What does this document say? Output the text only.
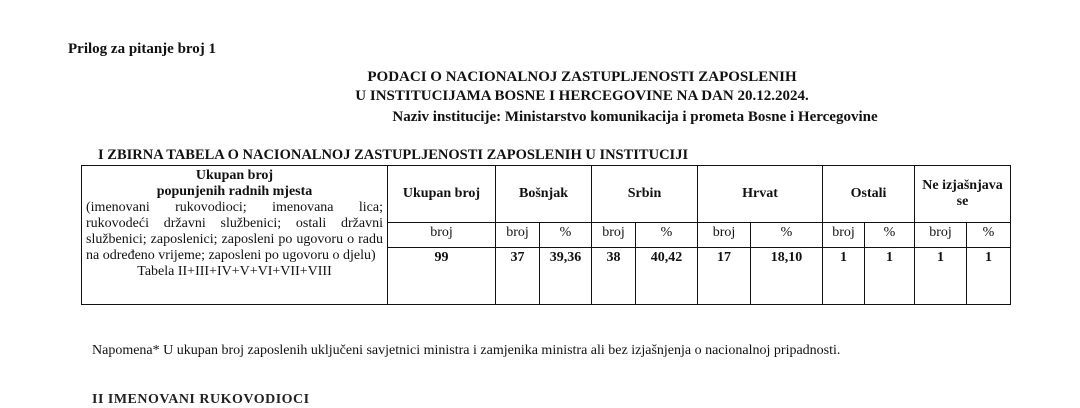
Prilog za pitanje broj 1
PODACI O NACIONALNOJ ZASTUPLJENOSTI ZAPOSLENIH
U INSTITUCIJAMA BOSNE I HERCEGOVINE NA DAN 20.12.2024.
Naziv institucije: Ministarstvo komunikacija i prometa Bosne i Hercegovine
I ZBIRNA TABELA O NACIONALNOJ ZASTUPLJENOSTI ZAPOSLENIH U INSTITUCIJI
Ukupan broj
popunjenih radnih mjesta
(imenovani rukovodioci; imenovana lica; rukovodeći državni službenici; ostali državni službenici; zaposlenici; zaposleni po ugovoru o radu na određeno vrijeme; zaposleni po ugovoru o djelu)
Tabela II+III+IV+V+VI+VII+VIII	Ukupan broj	Bošnjak		Srbin		Hrvat		Ostali		Ne izjašnjava se	
	broj	broj	%	broj	%	broj	%	broj	%	broj	%
	99	37	39,36	38	40,42	17	18,10	1	1	1	1
Napomena* U ukupan broj zaposlenih uključeni savjetnici ministra i zamjenika ministra ali bez izjašnjenja o nacionalnoj pripadnosti.
II IMENOVANI RUKOVODIOCI
